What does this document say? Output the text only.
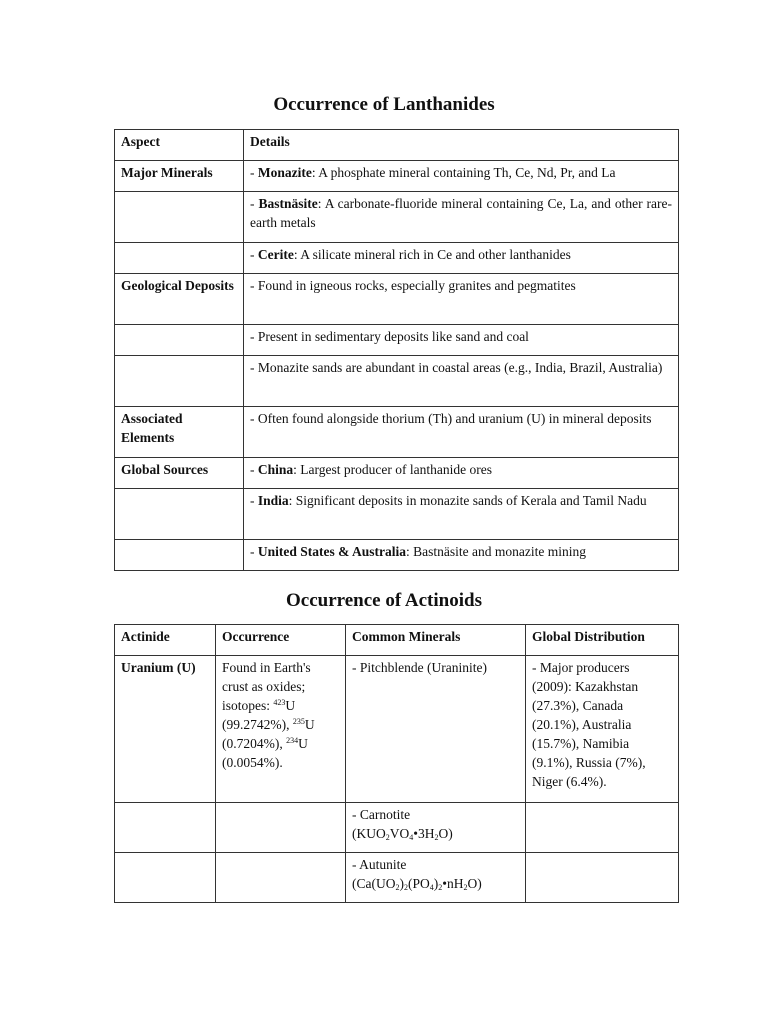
Occurrence of Lanthanides
Aspect	Details
Major Minerals	- Monazite: A phosphate mineral containing Th, Ce, Nd, Pr, and La
	- Bastnäsite: A carbonate-fluoride mineral containing Ce, La, and other rare-earth metals
	- Cerite: A silicate mineral rich in Ce and other lanthanides
Geological Deposits	- Found in igneous rocks, especially granites and pegmatites
	- Present in sedimentary deposits like sand and coal
	- Monazite sands are abundant in coastal areas (e.g., India, Brazil, Australia)
Associated Elements	- Often found alongside thorium (Th) and uranium (U) in mineral deposits
Global Sources	- China: Largest producer of lanthanide ores
	- India: Significant deposits in monazite sands of Kerala and Tamil Nadu
	- United States & Australia: Bastnäsite and monazite mining
Occurrence of Actinoids
Actinide	Occurrence	Common Minerals	Global Distribution
Uranium (U)	Found in Earth's crust as oxides; isotopes: $^{423}$U (99.2742%), $^{235}$U (0.7204%), $^{234}$U (0.0054%).	- Pitchblende (Uraninite)	- Major producers (2009): Kazakhstan (27.3%), Canada (20.1%), Australia (15.7%), Namibia (9.1%), Russia (7%), Niger (6.4%).
		- Carnotite
$(KUO_2VO_4•3H_2O)$	
		- Autunite
$(Ca(UO_2)_2(PO_4)_2•nH_2O)$	
